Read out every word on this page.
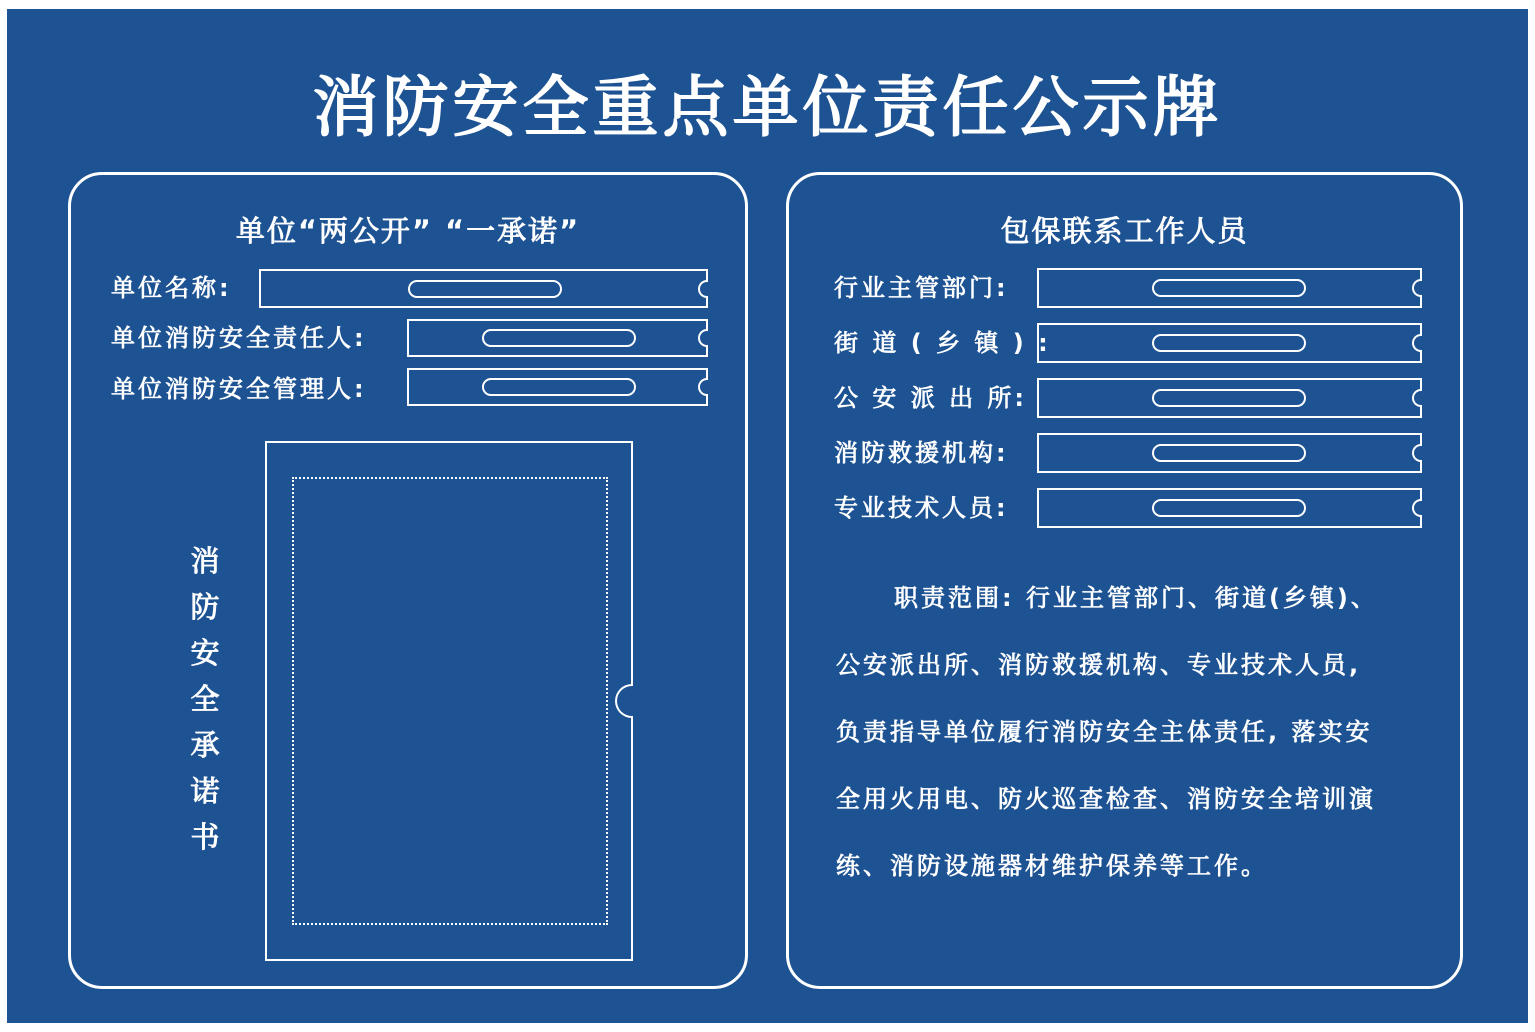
消防安全重点单位责任公示牌
单位“两公开” “一承诺”
单位名称:
单位消防安全责任人:
单位消防安全管理人:
消防安全承诺书
包保联系工作人员
行业主管部门:
街 道 ( 乡 镇 ) :
公 安 派 出 所:
消防救援机构:
专业技术人员:

职责范围: 行业主管部门、街道(乡镇)、

公安派出所、消防救援机构、专业技术人员,

负责指导单位履行消防安全主体责任, 落实安

全用火用电、防火巡查检查、消防安全培训演

练、消防设施器材维护保养等工作。
